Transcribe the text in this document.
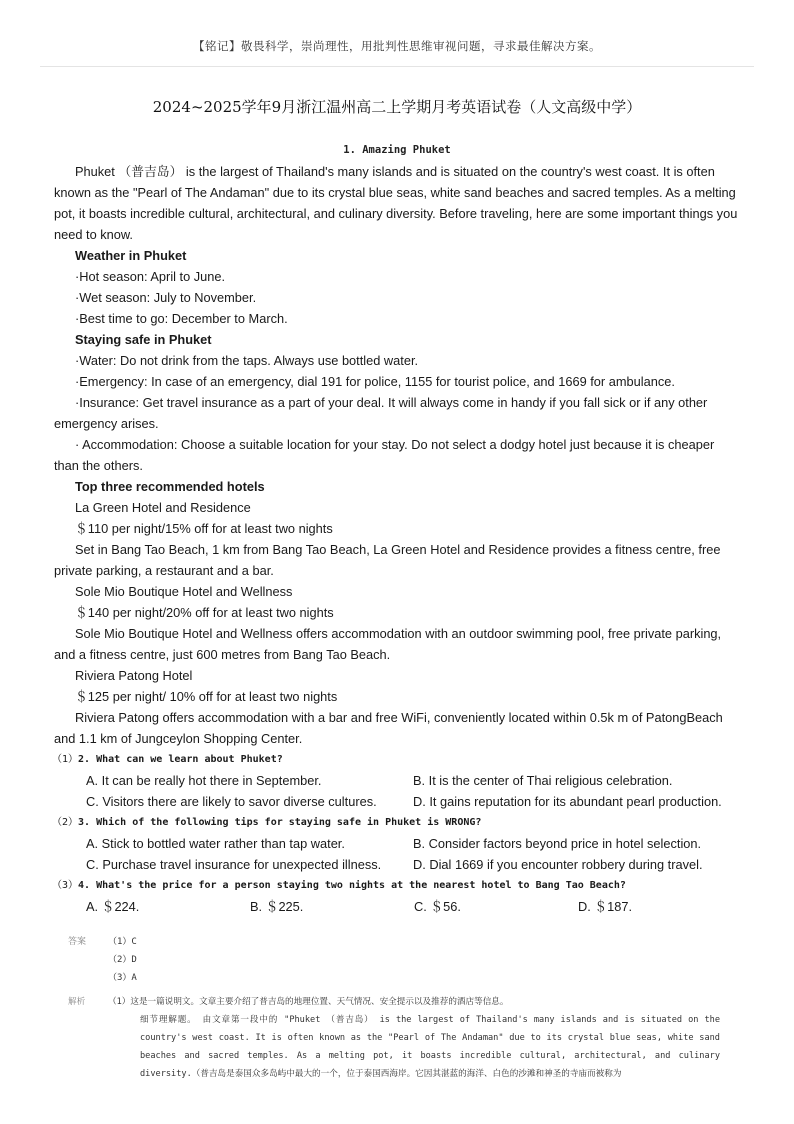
【铭记】敬畏科学，崇尚理性，用批判性思维审视问题，寻求最佳解决方案。
2024~2025学年9月浙江温州高二上学期月考英语试卷（人文高级中学）
1. Amazing Phuket

Phuket （普吉岛） is the largest of Thailand's many islands and is situated on the country's west coast. It is often known as the "Pearl of The Andaman" due to its crystal blue seas, white sand beaches and sacred temples. As a melting pot, it boasts incredible cultural, architectural, and culinary diversity. Before traveling, here are some important things you need to know.

Weather in Phuket

·Hot season: April to June.

·Wet season: July to November.

·Best time to go: December to March.

Staying safe in Phuket

·Water: Do not drink from the taps. Always use bottled water.

·Emergency: In case of an emergency, dial 191 for police, 1155 for tourist police, and 1669 for ambulance.

·Insurance: Get travel insurance as a part of your deal. It will always come in handy if you fall sick or if any other emergency arises.

· Accommodation: Choose a suitable location for your stay. Do not select a dodgy hotel just because it is cheaper than the others.

Top three recommended hotels

La Green Hotel and Residence

＄110 per night/15% off for at least two nights

Set in Bang Tao Beach, 1 km from Bang Tao Beach, La Green Hotel and Residence provides a fitness centre, free private parking, a restaurant and a bar.

Sole Mio Boutique Hotel and Wellness

＄140 per night/20% off for at least two nights

Sole Mio Boutique Hotel and Wellness offers accommodation with an outdoor swimming pool, free private parking, and a fitness centre, just 600 metres from Bang Tao Beach.

Riviera Patong Hotel

＄125 per night/ 10% off for at least two nights

Riviera Patong offers accommodation with a bar and free WiFi, conveniently located within 0.5k m of PatongBeach and 1.1 km of Jungceylon Shopping Center.

（1）2. What can we learn about Phuket?
A. It can be really hot there in September.	B. It is the center of Thai religious celebration.
C. Visitors there are likely to savor diverse cultures.	D. It gains reputation for its abundant pearl production.
（2）3. Which of the following tips for staying safe in Phuket is WRONG?
A. Stick to bottled water rather than tap water.	B. Consider factors beyond price in hotel selection.
C. Purchase travel insurance for unexpected illness.	D. Dial 1669 if you encounter robbery during travel.
（3）4. What's the price for a person staying two nights at the nearest hotel to Bang Tao Beach?
A. ＄224.	B. ＄225.	C. ＄56.	D. ＄187.
答案 （1）C
（2）D
（3）A
解析	（1）这是一篇说明文。文章主要介绍了普吉岛的地理位置、天气情况、安全提示以及推荐的酒店等信息。
细节理解题。 由文章第一段中的 "Phuket （普吉岛） is the largest of Thailand's many islands and is situated on the country's west coast. It is often known as the "Pearl of The Andaman" due to its crystal blue seas, white sand beaches and sacred temples. As a melting pot, it boasts incredible cultural, architectural, and culinary diversity.（普吉岛是泰国众多岛屿中最大的一个，位于泰国西海岸。它因其湛蓝的海洋、白色的沙滩和神圣的寺庙而被称为
